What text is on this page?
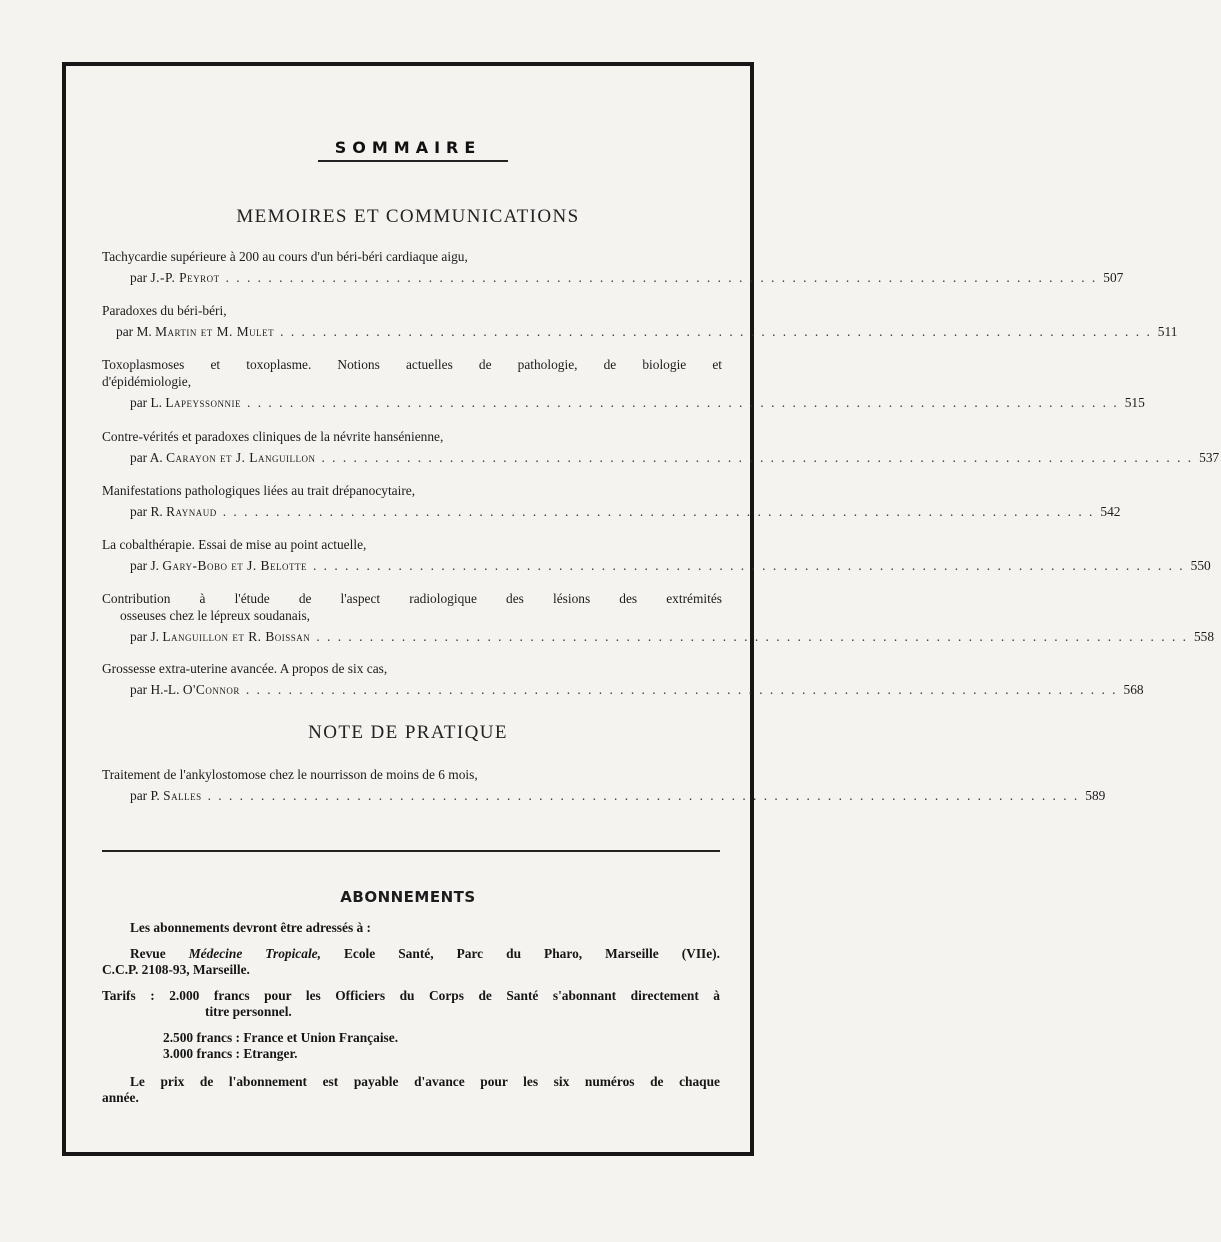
SOMMAIRE
MEMOIRES ET COMMUNICATIONS
Tachycardie supérieure à 200 au cours d'un béri-béri cardiaque aigu,
par J.-P. Peyrot . . . . . . . . . . . . . . . . . . . . . . . . . . . . . . . . . . . . . . . . . . . . . . . . . . . . . . . . . . . . . . . . . . . . . . . . . . . . . . . . . . 507
Paradoxes du béri-béri,
par M. Martin et M. Mulet . . . . . . . . . . . . . . . . . . . . . . . . . . . . . . . . . . . . . . . . . . . . . . . . . . . . . . . . . . . . . . . . . . . . . . . . . . . . . . . . . . 511
Toxoplasmoses et toxoplasme. Notions actuelles de pathologie, de biologie et
d'épidémiologie,
par L. Lapeyssonnie . . . . . . . . . . . . . . . . . . . . . . . . . . . . . . . . . . . . . . . . . . . . . . . . . . . . . . . . . . . . . . . . . . . . . . . . . . . . . . . . . . 515
Contre-vérités et paradoxes cliniques de la névrite hansénienne,
par A. Carayon et J. Languillon . . . . . . . . . . . . . . . . . . . . . . . . . . . . . . . . . . . . . . . . . . . . . . . . . . . . . . . . . . . . . . . . . . . . . . . . . . . . . . . . . . 537
Manifestations pathologiques liées au trait drépanocytaire,
par R. Raynaud . . . . . . . . . . . . . . . . . . . . . . . . . . . . . . . . . . . . . . . . . . . . . . . . . . . . . . . . . . . . . . . . . . . . . . . . . . . . . . . . . . 542
La cobalthérapie. Essai de mise au point actuelle,
par J. Gary-Bobo et J. Belotte . . . . . . . . . . . . . . . . . . . . . . . . . . . . . . . . . . . . . . . . . . . . . . . . . . . . . . . . . . . . . . . . . . . . . . . . . . . . . . . . . . 550
Contribution à l'étude de l'aspect radiologique des lésions des extrémités
osseuses chez le lépreux soudanais,
par J. Languillon et R. Boissan . . . . . . . . . . . . . . . . . . . . . . . . . . . . . . . . . . . . . . . . . . . . . . . . . . . . . . . . . . . . . . . . . . . . . . . . . . . . . . . . . . 558
Grossesse extra-uterine avancée. A propos de six cas,
par H.-L. O'Connor . . . . . . . . . . . . . . . . . . . . . . . . . . . . . . . . . . . . . . . . . . . . . . . . . . . . . . . . . . . . . . . . . . . . . . . . . . . . . . . . . . 568
NOTE DE PRATIQUE
Traitement de l'ankylostomose chez le nourrisson de moins de 6 mois,
par P. Salles . . . . . . . . . . . . . . . . . . . . . . . . . . . . . . . . . . . . . . . . . . . . . . . . . . . . . . . . . . . . . . . . . . . . . . . . . . . . . . . . . . 589
ABONNEMENTS

Les abonnements devront être adressés à :

Revue Médecine Tropicale, Ecole Santé, Parc du Pharo, Marseille (VIIe).
C.C.P. 2108-93, Marseille.
Tarifs : 2.000 francs pour les Officiers du Corps de Santé s'abonnant directement à
titre personnel.

2.500 francs : France et Union Française.

3.000 francs : Etranger.

Le prix de l'abonnement est payable d'avance pour les six numéros de chaque
année.
